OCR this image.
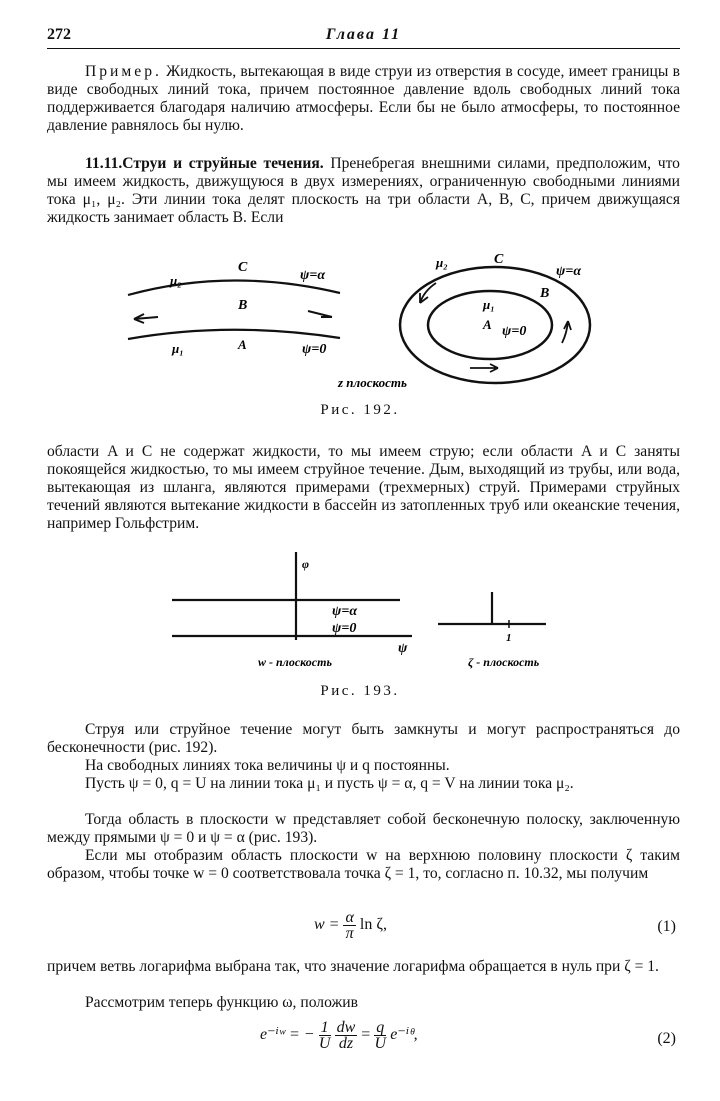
272	Глава 11
Пример. Жидкость, вытекающая в виде струи из отверстия в сосуде, имеет границы в виде свободных линий тока, причем постоянное давление вдоль свободных линий тока поддерживается благодаря наличию атмосферы. Если бы не было атмосферы, то постоянное давление равнялось бы нулю.
11.11.Струи и струйные течения. Пренебрегая внешними силами, предположим, что мы имеем жидкость, движущуюся в двух измерениях, ограниченную свободными линиями тока μ₁, μ₂. Эти линии тока делят плоскость на три области A, B, C, причем движущаяся жидкость занимает область B. Если
μ₂
C
ψ=α
B
μ₁	A	ψ=0
μ₂	C
ψ=α
B
μ₁
A ψ=0
z плоскость
Рис. 192.
области A и C не содержат жидкости, то мы имеем струю; если области A и C заняты покоящейся жидкостью, то мы имеем струйное течение. Дым, выходящий из трубы, или вода, вытекающая из шланга, являются примерами (трехмерных) струй. Примерами струйных течений являются вытекание жидкости в бассейн из затопленных труб или океанские течения, например Гольфстрим.
φ
ψ
ψ=α
ψ=0
w - плоскость
1
ζ - плоскость
Рис. 193.
Струя или струйное течение могут быть замкнуты и могут распространяться до бесконечности (рис. 192).
На свободных линиях тока величины ψ и q постоянны.
Пусть ψ = 0, q = U на линии тока μ₁ и пусть ψ = α, q = V на линии тока μ₂.
Тогда область в плоскости w представляет собой бесконечную полоску, заключенную между прямыми ψ = 0 и ψ = α (рис. 193).
Если мы отобразим область плоскости w на верхнюю половину плоскости ζ таким образом, чтобы точке w = 0 соответствовала точка ζ = 1, то, согласно п. 10.32, мы получим
$w = \frac{\alpha}{\pi}$ ln ζ,	(1)
причем ветвь логарифма выбрана так, что значение логарифма обращается в нуль при ζ = 1.
Рассмотрим теперь функцию ω, положив
e⁻ⁱʷ = − $\frac{1}{U}$
$\frac{dw}{dz} = \frac{q}{U}$ e⁻ⁱᶿ,	(2)
